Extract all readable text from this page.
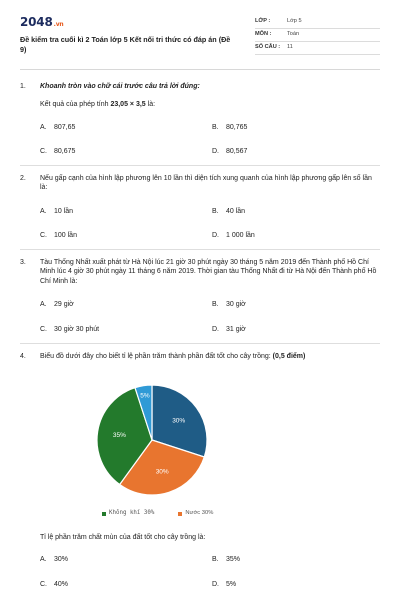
2048 .vn
Đề kiểm tra cuối kì 2 Toán lớp 5 Kết nối tri thức có đáp án (Đề 9)
LỚP :	Lớp 5
MÔN :	Toán
SỐ CÂU :	11
1.	Khoanh tròn vào chữ cái trước câu trả lời đúng:
Kết quả của phép tính 23,05 × 3,5 là:
A.	807,65	B.	80,765
C.	80,675	D.	80,567
2.	Nếu gấp cạnh của hình lập phương lên 10 lần thì diện tích xung quanh của hình lập phương gấp lên số lần là:
A.	10 lần	B.	40 lần
C.	100 lần	D.	1 000 lần
3.	Tàu Thống Nhất xuất phát từ Hà Nội lúc 21 giờ 30 phút ngày 30 tháng 5 năm 2019 đến Thành phố Hồ Chí Minh lúc 4 giờ 30 phút ngày 11 tháng 6 năm 2019. Thời gian tàu Thống Nhất đi từ Hà Nội đến Thành phố Hồ Chí Minh là:
A.	29 giờ	B.	30 giờ
C.	30 giờ 30 phút	D.	31 giờ
4.	Biểu đồ dưới đây cho biết tỉ lệ phần trăm thành phần đất tốt cho cây trồng: (0,5 điểm)
30%
30%
35%
5%
Không khí 30%	Nước 30%
Tỉ lệ phần trăm chất mùn của đất tốt cho cây trồng là:
A.	30%	B.	35%
C.	40%	D.	5%
